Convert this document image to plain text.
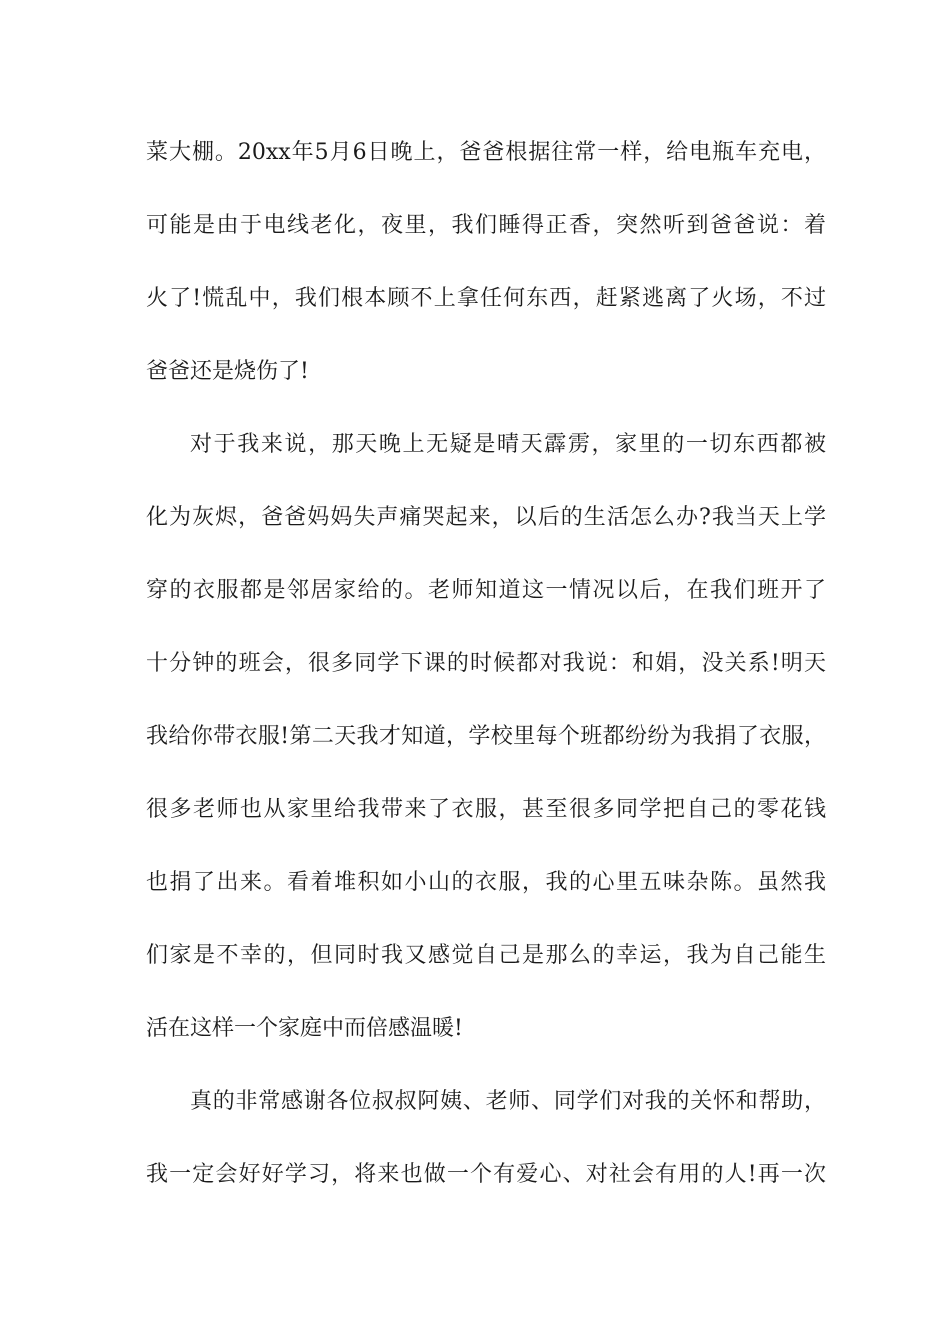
菜大棚。20xx年5月6日晚上，爸爸根据往常一样，给电瓶车充电，
可能是由于电线老化，夜里，我们睡得正香，突然听到爸爸说：着
火了!慌乱中，我们根本顾不上拿任何东西，赶紧逃离了火场，不过
爸爸还是烧伤了!
对于我来说，那天晚上无疑是晴天霹雳，家里的一切东西都被
化为灰烬，爸爸妈妈失声痛哭起来，以后的生活怎么办?我当天上学
穿的衣服都是邻居家给的。老师知道这一情况以后，在我们班开了
十分钟的班会，很多同学下课的时候都对我说：和娟，没关系!明天
我给你带衣服!第二天我才知道，学校里每个班都纷纷为我捐了衣服，
很多老师也从家里给我带来了衣服，甚至很多同学把自己的零花钱
也捐了出来。看着堆积如小山的衣服，我的心里五味杂陈。虽然我
们家是不幸的，但同时我又感觉自己是那么的幸运，我为自己能生
活在这样一个家庭中而倍感温暖!
真的非常感谢各位叔叔阿姨、老师、同学们对我的关怀和帮助，
我一定会好好学习，将来也做一个有爱心、对社会有用的人!再一次
